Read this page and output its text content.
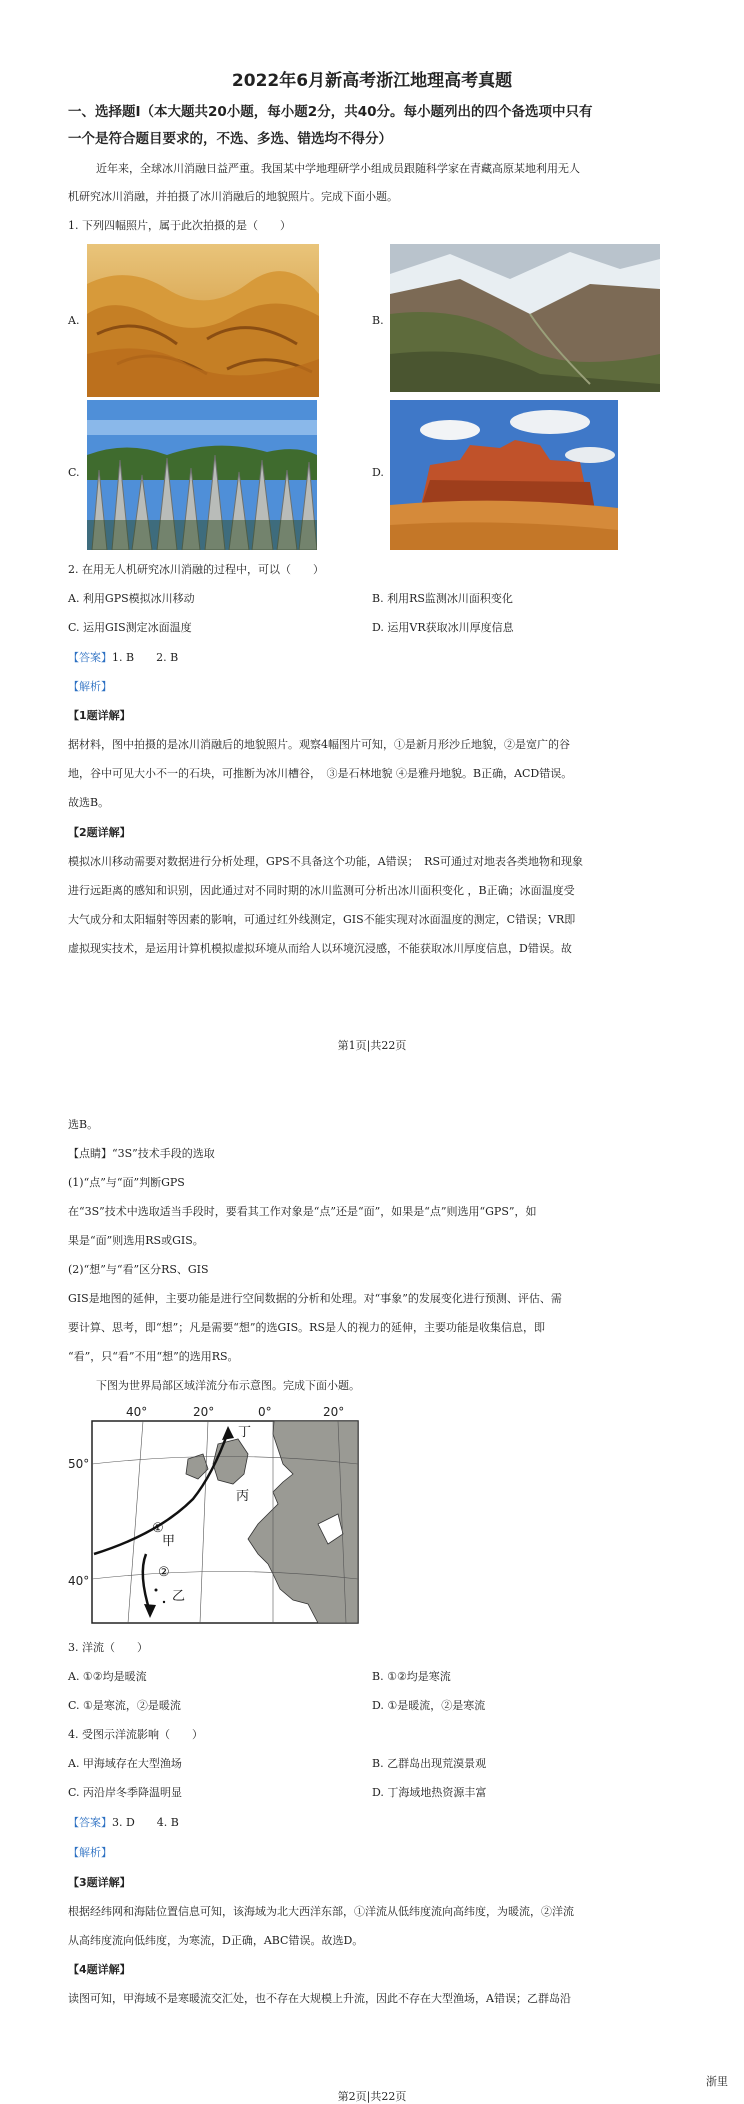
2022年6月新高考浙江地理高考真题
一、选择题Ⅰ（本大题共20小题，每小题2分，共40分。每小题列出的四个备选项中只有
一个是符合题目要求的，不选、多选、错选均不得分）
近年来，全球冰川消融日益严重。我国某中学地理研学小组成员跟随科学家在青藏高原某地利用无人
机研究冰川消融，并拍摄了冰川消融后的地貌照片。完成下面小题。
1. 下列四幅照片，属于此次拍摄的是（　　）
A.	B.
C.	D.
2. 在用无人机研究冰川消融的过程中，可以（　　）
A. 利用GPS模拟冰川移动	B. 利用RS监测冰川面积变化
C. 运用GIS测定冰面温度	D. 运用VR获取冰川厚度信息
【答案】1. B　　2. B
【解析】
【1题详解】
据材料，图中拍摄的是冰川消融后的地貌照片。观察4幅图片可知，①是新月形沙丘地貌，②是宽广的谷
地，谷中可见大小不一的石块，可推断为冰川槽谷，　③是石林地貌 ④是雅丹地貌。B正确，ACD错误。
故选B。
【2题详解】
模拟冰川移动需要对数据进行分析处理，GPS不具备这个功能，A错误；　RS可通过对地表各类地物和现象
进行远距离的感知和识别，因此通过对不同时期的冰川监测可分析出冰川面积变化 ，B正确；冰面温度受
大气成分和太阳辐射等因素的影响，可通过红外线测定，GIS不能实现对冰面温度的测定，C错误；VR即
虚拟现实技术，是运用计算机模拟虚拟环境从而给人以环境沉浸感，不能获取冰川厚度信息，D错误。故
第1页|共22页
选B。
【点睛】“3S”技术手段的选取
(1)“点”与“面”判断GPS
在“3S”技术中选取适当手段时，要看其工作对象是“点”还是“面”，如果是“点”则选用“GPS”，如
果是“面”则选用RS或GIS。
(2)“想”与“看”区分RS、GIS
GIS是地图的延伸，主要功能是进行空间数据的分析和处理。对“事象”的发展变化进行预测、评估、需
要计算、思考，即“想”；凡是需要“想”的选GIS。RS是人的视力的延伸，主要功能是收集信息，即
“看”，只“看”不用“想”的选用RS。
下图为世界局部区域洋流分布示意图。完成下面小题。
40°	20°	0°	20°
50°
40°
丁
丙
甲
乙
①
②
3. 洋流（　　）
A. ①②均是暖流	B. ①②均是寒流
C. ①是寒流，②是暖流	D. ①是暖流，②是寒流
4. 受图示洋流影响（　　）
A. 甲海域存在大型渔场	B. 乙群岛出现荒漠景观
C. 丙沿岸冬季降温明显	D. 丁海域地热资源丰富
【答案】3. D　　4. B
【解析】
【3题详解】
根据经纬网和海陆位置信息可知，该海域为北大西洋东部，①洋流从低纬度流向高纬度，为暖流，②洋流
从高纬度流向低纬度，为寒流，D正确，ABC错误。故选D。
【4题详解】
读图可知，甲海域不是寒暖流交汇处，也不存在大规模上升流，因此不存在大型渔场，A错误；乙群岛沿
浙里
第2页|共22页
